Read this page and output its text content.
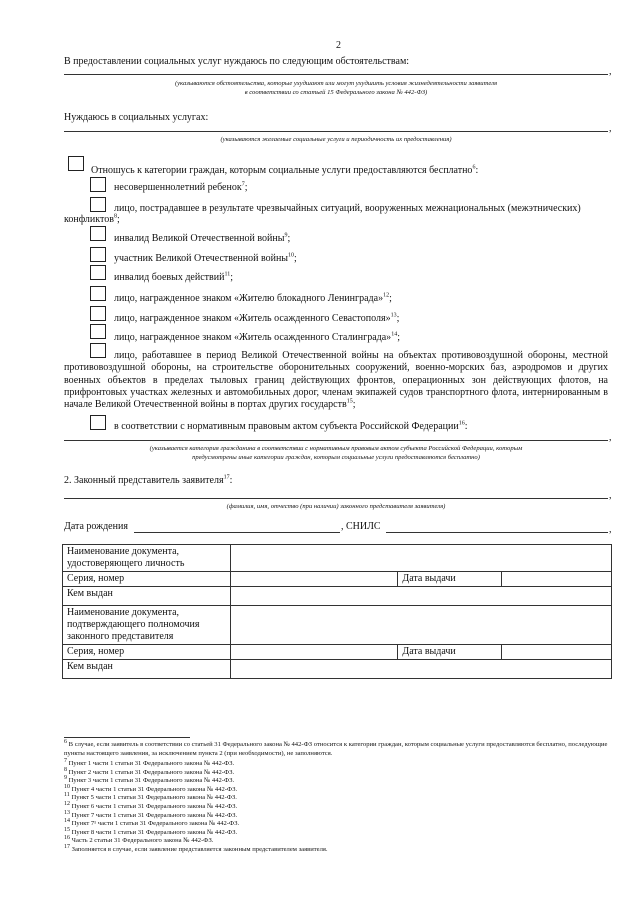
2
В предоставлении социальных услуг нуждаюсь по следующим обстоятельствам:
,
(указываются обстоятельства, которые ухудшают или могут ухудшить условия жизнедеятельности заявителя
в соответствии со статьей 15 Федерального закона № 442-ФЗ)
Нуждаюсь в социальных услугах:
,
(указываются желаемые социальные услуги и периодичность их предоставления)
Отношусь к категории граждан, которым социальные услуги предоставляются бесплатно$^6$:
несовершеннолетний ребенок$^7$;
лицо, пострадавшее в результате чрезвычайных ситуаций, вооруженных межнациональных (межэтнических)
конфликтов$^8$;
инвалид Великой Отечественной войны$^9$;
участник Великой Отечественной войны$^{10}$;
инвалид боевых действий$^{11}$;
лицо, награжденное знаком «Жителю блокадного Ленинграда»$^{12}$;
лицо, награжденное знаком «Житель осажденного Севастополя»$^{13}$;
лицо, награжденное знаком «Житель осажденного Сталинграда»$^{14}$;
лицо, работавшее в период Великой Отечественной войны на объектах противовоздушной обороны, местной противовоздушной обороны, на строительстве оборонительных сооружений, военно-морских баз, аэродромов и других военных объектов в пределах тыловых границ действующих фронтов, операционных зон действующих флотов, на прифронтовых участках железных и автомобильных дорог, членам экипажей судов транспортного флота, интернированным в начале Великой Отечественной войны в портах других государств$^{15}$;
в соответствии с нормативным правовым актом субъекта Российской Федерации$^{16}$:
,
(указывается категория гражданина в соответствии с нормативным правовым актом субъекта Российской Федерации, которым
предусмотрены иные категории граждан, которым социальные услуги предоставляются бесплатно)
2. Законный представитель заявителя$^{17}$:
,
(фамилия, имя, отчество (при наличии) законного представителя заявителя)
Дата рождения	, СНИЛС	,
Наименование документа, удостоверяющего личность			
Серия, номер		Дата выдачи	
Кем выдан			
Наименование документа, подтверждающего полномочия законного представителя			
Серия, номер		Дата выдачи	
Кем выдан			
$^6$ В случае, если заявитель в соответствии со статьей 31 Федерального закона № 442-ФЗ относится к категории граждан, которым социальные услуги предоставляются бесплатно, последующие пункты настоящего заявления, за исключением пункта 2 (при необходимости), не заполняются.
$^7$ Пункт 1 части 1 статьи 31 Федерального закона № 442-ФЗ.
$^8$ Пункт 2 части 1 статьи 31 Федерального закона № 442-ФЗ.
$^9$ Пункт 3 части 1 статьи 31 Федерального закона № 442-ФЗ.
$^{10}$ Пункт 4 части 1 статьи 31 Федерального закона № 442-ФЗ.
$^{11}$ Пункт 5 части 1 статьи 31 Федерального закона № 442-ФЗ.
$^{12}$ Пункт 6 части 1 статьи 31 Федерального закона № 442-ФЗ.
$^{13}$ Пункт 7 части 1 статьи 31 Федерального закона № 442-ФЗ.
$^{14}$ Пункт 7¹ части 1 статьи 31 Федерального закона № 442-ФЗ.
$^{15}$ Пункт 8 части 1 статьи 31 Федерального закона № 442-ФЗ.
$^{16}$ Часть 2 статьи 31 Федерального закона № 442-ФЗ.
$^{17}$ Заполняется в случае, если заявление представляется законным представителем заявителя.
